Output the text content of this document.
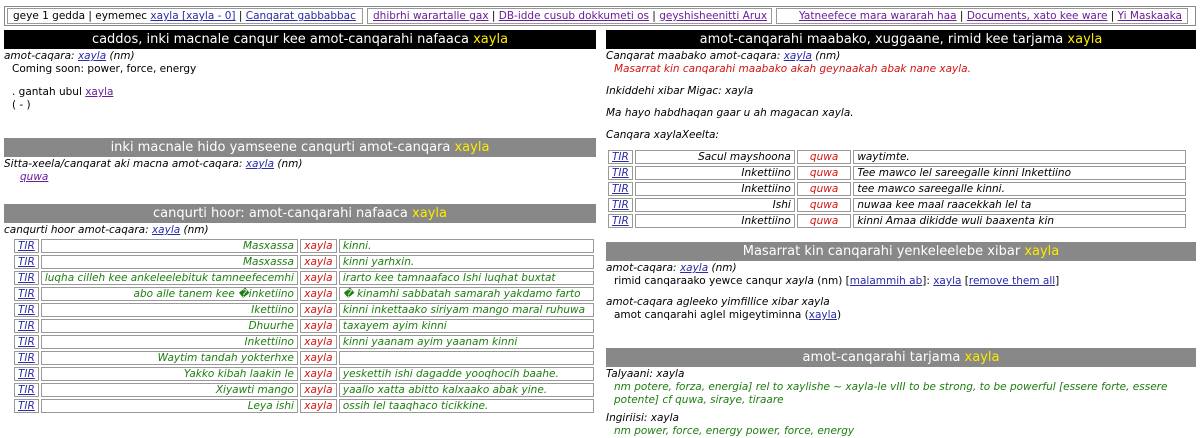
geye 1 gedda | eymemec xayla [xayla - 0] | Canqarat gabbabbac	dhibrhi warartalle gax | DB-idde cusub dokkumeti os | geyshisheenitti Arux	Yatneefece mara wararah haa | Documents, xato kee ware | Yi Maskaaka
caddos, inki macnale canqur kee amot-canqarahi nafaaca xayla
amot-caqara: xayla (nm)
Coming soon: power, force, energy
. gantah ubul xayla
( - )
inki macnale hido yamseene canqurti amot-canqara xayla
Sitta-xeela/canqarat aki macna amot-caqara: xayla (nm)
quwa
canqurti hoor: amot-canqarahi nafaaca xayla
canqurti hoor amot-caqara: xayla (nm)
TIR	Masxassa	xayla	kinni.
TIR	Masxassa	xayla	kinni yarhxin.
TIR	luqha cilleh kee ankeleelebituk tamneefecemhi	xayla	irarto kee tamnaafaco Ishi luqhat buxtat
TIR	abo alle tanem kee �inketiino	xayla	� kinamhi sabbatah samarah yakdamo farto
TIR	Ikettiino	xayla	kinni inkettaako siriyam mango maral ruhuwa
TIR	Dhuurhe	xayla	taxayem ayim kinni
TIR	Inkettiino	xayla	kinni yaanam ayim yaanam kinni
TIR	Waytim tandah yokterhxe	xayla	
TIR	Yakko kibah laakin le	xayla	yeskettih ishi dagadde yooqhocih baahe.
TIR	Xiyawti mango	xayla	yaallo xatta abitto kalxaako abak yine.
TIR	Leya ishi	xayla	ossih lel taaqhaco ticikkine.
amot-canqarahi maabako, xuggaane, rimid kee tarjama xayla
Canqarat maabako amot-caqara: xayla (nm)
Masarrat kin canqarahi maabako akah geynaakah abak nane xayla.
Inkiddehi xibar Migac: xayla
Ma hayo habdhaqan gaar u ah magacan xayla.
Canqara xaylaXeelta:
TIR	Sacul mayshoona	quwa	waytimte.
TIR	Inkettiino	quwa	Tee mawco lel sareegalle kinni Inkettiino
TIR	Inkettiino	quwa	tee mawco sareegalle kinni.
TIR	Ishi	quwa	nuwaa kee maal raacekkah lel ta
TIR	Inkettiino	quwa	kinni Amaa dikidde wuli baaxenta kin
Masarrat kin canqarahi yenkeleelebe xibar xayla
amot-caqara: xayla (nm)
rimid canqaraako yewce canqur xayla (nm) [malammih ab]: xayla [remove them all]
amot-caqara agleeko yimfillice xibar xayla
amot canqarahi aglel migeytiminna (xayla)
amot-canqarahi tarjama xayla
Talyaani: xayla
nm potere, forza, energia] rel to xaylishe ~ xayla-le vIII to be strong, to be powerful [essere forte, essere potente] cf quwa, siraye, tiraare
Ingiriisi: xayla
nm power, force, energy power, force, energy
